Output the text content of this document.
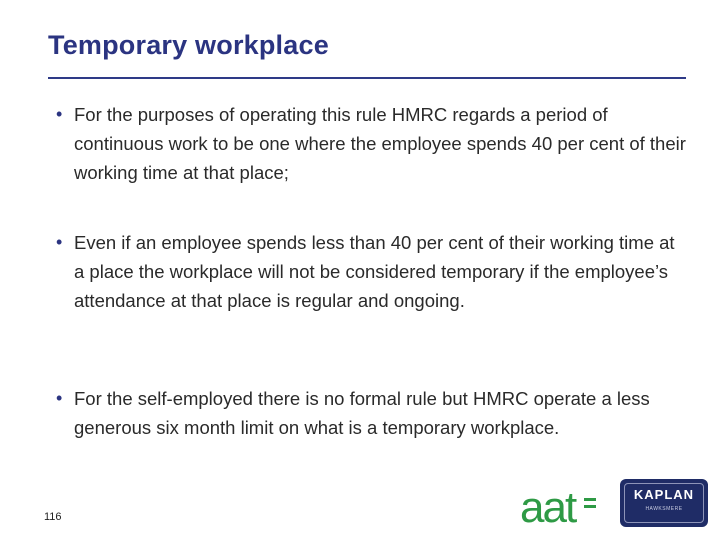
Temporary workplace
• For the purposes of operating this rule HMRC regards a period of continuous work to be one where the employee spends 40 per cent of their working time at that place;
• Even if an employee spends less than 40 per cent of their working time at a place the workplace will not be considered temporary if the employee’s attendance at that place is regular and ongoing.
• For the self-employed there is no formal rule but HMRC operate a less generous six month limit on what is a temporary workplace.
116	aat	KAPLAN
HAWKSMERE
